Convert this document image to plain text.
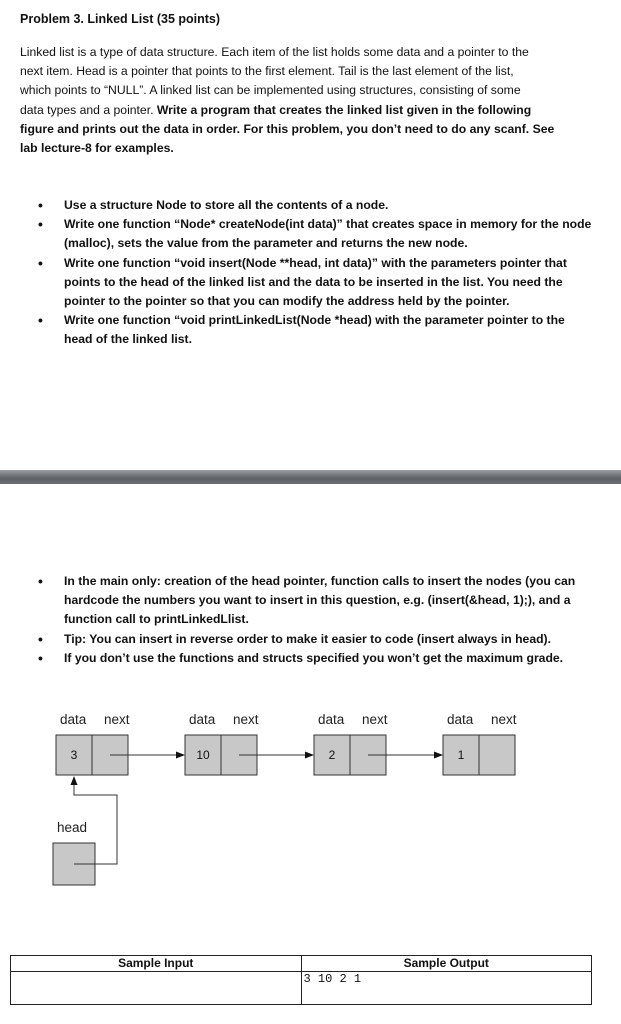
Problem 3. Linked List (35 points)
Linked list is a type of data structure. Each item of the list holds some data and a pointer to the
next item. Head is a pointer that points to the first element. Tail is the last element of the list,
which points to “NULL”. A linked list can be implemented using structures, consisting of some
data types and a pointer. Write a program that creates the linked list given in the following
figure and prints out the data in order. For this problem, you don’t need to do any scanf. See
lab lecture-8 for examples.
• Use a structure Node to store all the contents of a node.
• Write one function “Node* createNode(int data)” that creates space in memory for the node (malloc), sets the value from the parameter and returns the new node.
• Write one function “void insert(Node **head, int data)” with the parameters pointer that points to the head of the linked list and the data to be inserted in the list. You need the pointer to the pointer so that you can modify the address held by the pointer.
• Write one function “void printLinkedList(Node *head) with the parameter pointer to the head of the linked list.
• In the main only: creation of the head pointer, function calls to insert the nodes (you can hardcode the numbers you want to insert in this question, e.g. (insert(&head, 1);), and a function call to printLinkedLlist.
• Tip: You can insert in reverse order to make it easier to code (insert always in head).
• If you don’t use the functions and structs specified you won’t get the maximum grade.
data next
3
data next
10
data next
2
data next
1
head
Sample Input	Sample Output
	3 10 2 1
